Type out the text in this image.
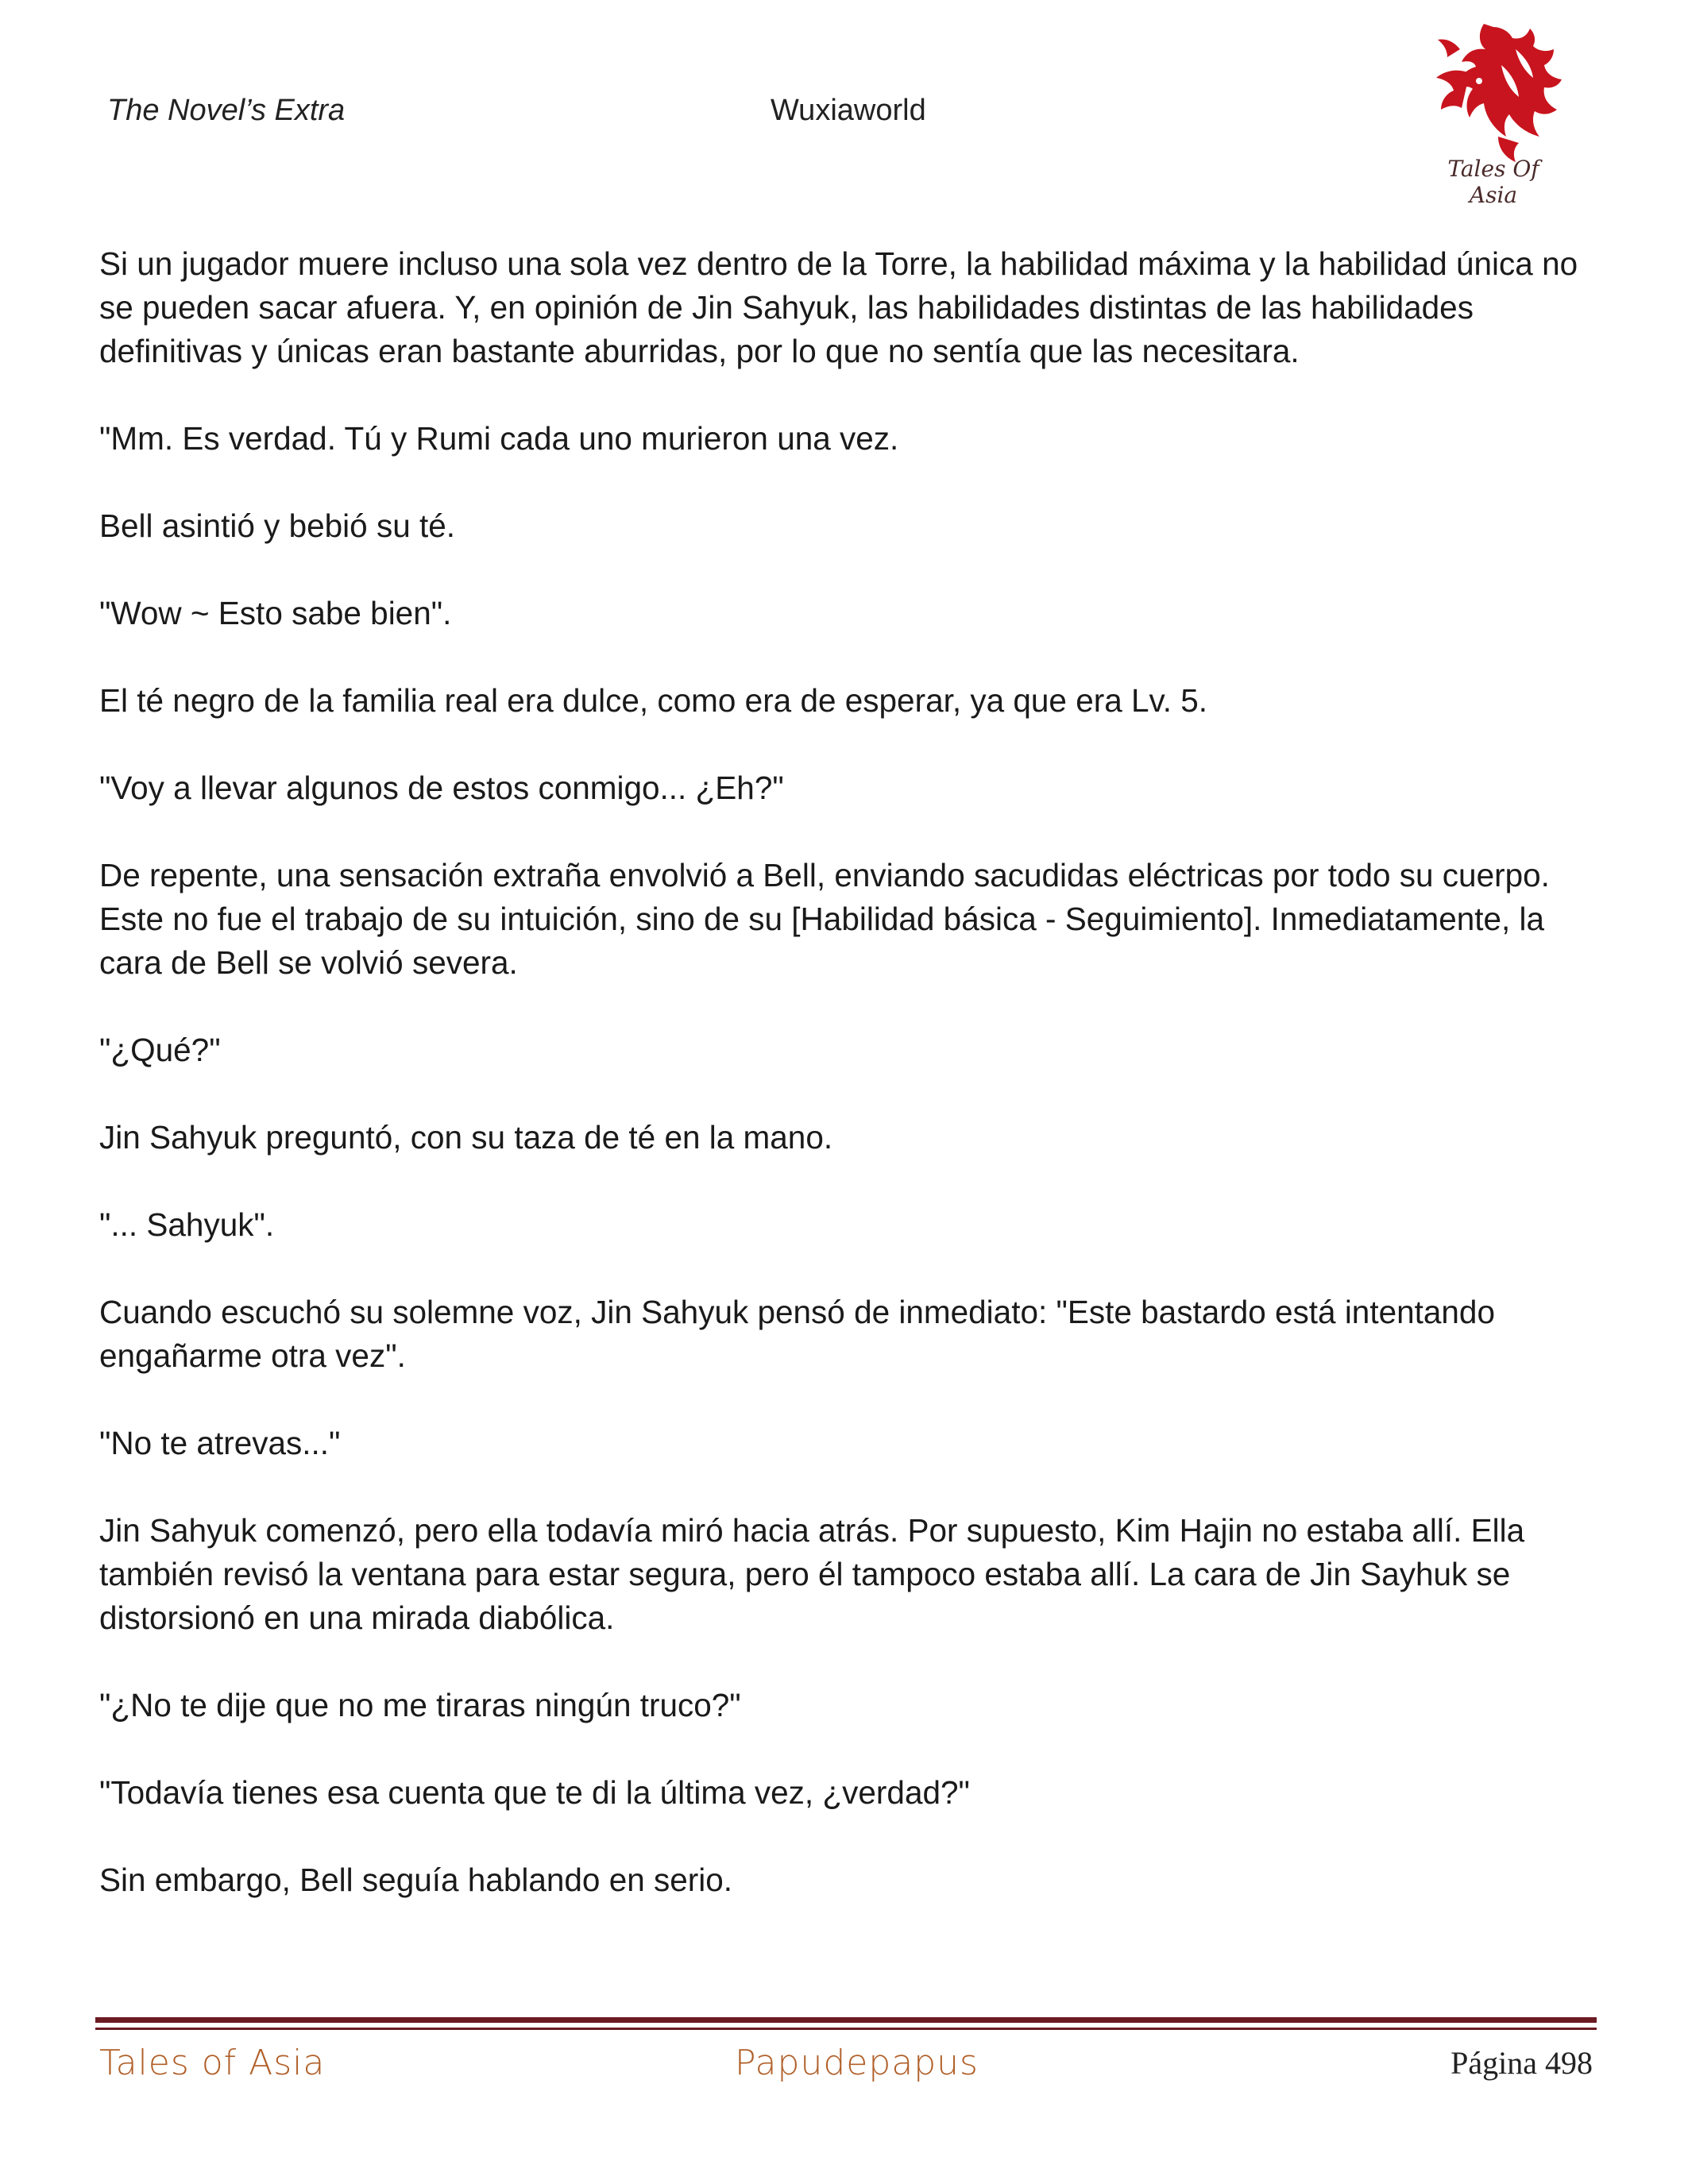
The Novel’s Extra	Wuxiaworld
Tales Of Asia

Si un jugador muere incluso una sola vez dentro de la Torre, la habilidad máxima y la habilidad única no se pueden sacar afuera. Y, en opinión de Jin Sahyuk, las habilidades distintas de las habilidades definitivas y únicas eran bastante aburridas, por lo que no sentía que las necesitara.

"Mm. Es verdad. Tú y Rumi cada uno murieron una vez.

Bell asintió y bebió su té.

"Wow ~ Esto sabe bien".

El té negro de la familia real era dulce, como era de esperar, ya que era Lv. 5.

"Voy a llevar algunos de estos conmigo... ¿Eh?"

De repente, una sensación extraña envolvió a Bell, enviando sacudidas eléctricas por todo su cuerpo.

Este no fue el trabajo de su intuición, sino de su [Habilidad básica - Seguimiento]. Inmediatamente, la cara de Bell se volvió severa.

"¿Qué?"

Jin Sahyuk preguntó, con su taza de té en la mano.

"... Sahyuk".

Cuando escuchó su solemne voz, Jin Sahyuk pensó de inmediato: "Este bastardo está intentando engañarme otra vez".

"No te atrevas..."

Jin Sahyuk comenzó, pero ella todavía miró hacia atrás. Por supuesto, Kim Hajin no estaba allí. Ella también revisó la ventana para estar segura, pero él tampoco estaba allí. La cara de Jin Sayhuk se distorsionó en una mirada diabólica.

"¿No te dije que no me tiraras ningún truco?"

"Todavía tienes esa cuenta que te di la última vez, ¿verdad?"

Sin embargo, Bell seguía hablando en serio.

Tales of Asia	Papudepapus	Página 498
